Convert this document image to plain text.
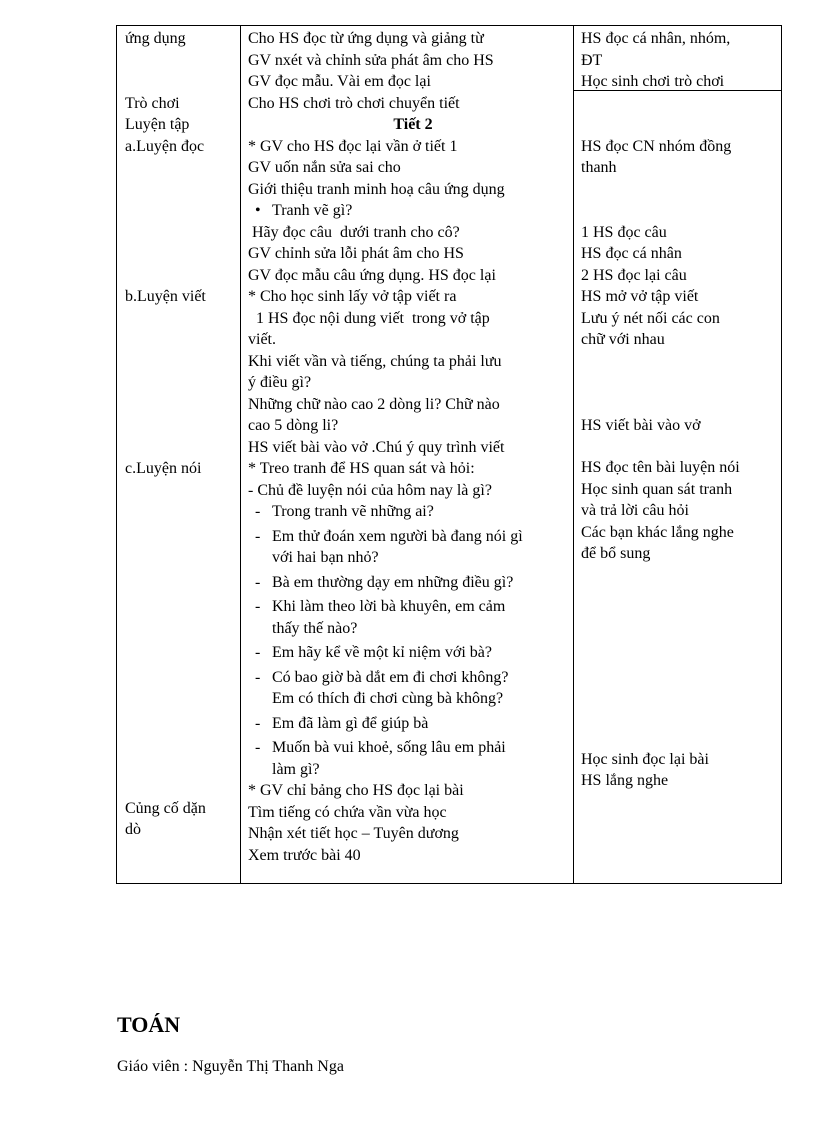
ứng dụng
Trò chơi
Luyện tập
a.Luyện đọc
b.Luyện viết
c.Luyện nói
Củng cố dặn
dò
Cho HS đọc từ ứng dụng và giảng từ
GV nxét và chỉnh sửa phát âm cho HS
GV đọc mẫu. Vài em đọc lại
Cho HS chơi trò chơi chuyển tiết
Tiết 2
* GV cho HS đọc lại vần ở tiết 1
GV uốn nắn sửa sai cho
Giới thiệu tranh minh hoạ câu ứng dụng
• Tranh vẽ gì?
Hãy đọc câu  dưới tranh cho cô?
GV chỉnh sửa lỗi phát âm cho HS
GV đọc mẫu câu ứng dụng. HS đọc lại
* Cho học sinh lấy vở tập viết ra
1 HS đọc nội dung viết  trong vở tập
viết.
Khi viết vần và tiếng, chúng ta phải lưu
ý điều gì?
Những chữ nào cao 2 dòng li? Chữ nào
cao 5 dòng li?
HS viết bài vào vở .Chú ý quy trình viết
* Treo tranh để HS quan sát và hỏi:
- Chủ đề luyện nói của hôm nay là gì?
- Trong tranh vẽ những ai?
- Em thử đoán xem người bà đang nói gì
với hai bạn nhỏ?
- Bà em thường dạy em những điều gì?
- Khi làm theo lời bà khuyên, em cảm
thấy thế nào?
- Em hãy kể về một kỉ niệm với bà?
- Có bao giờ bà dắt em đi chơi không?
Em có thích đi chơi cùng bà không?
- Em đã làm gì để giúp bà
- Muốn bà vui khoẻ, sống lâu em phải
làm gì?
* GV chỉ bảng cho HS đọc lại bài
Tìm tiếng có chứa vần vừa học
Nhận xét tiết học – Tuyên dương
Xem trước bài 40
HS đọc cá nhân, nhóm,
ĐT
Học sinh chơi trò chơi
HS đọc CN nhóm đồng
thanh
1 HS đọc câu
HS đọc cá nhân
2 HS đọc lại câu
HS mở vở tập viết
Lưu ý nét nối các con
chữ với nhau
HS viết bài vào vở
HS đọc tên bài luyện nói
Học sinh quan sát tranh
và trả lời câu hỏi
Các bạn khác lắng nghe
để bổ sung
Học sinh đọc lại bài
HS lắng nghe
TOÁN
Giáo viên : Nguyễn Thị Thanh Nga
